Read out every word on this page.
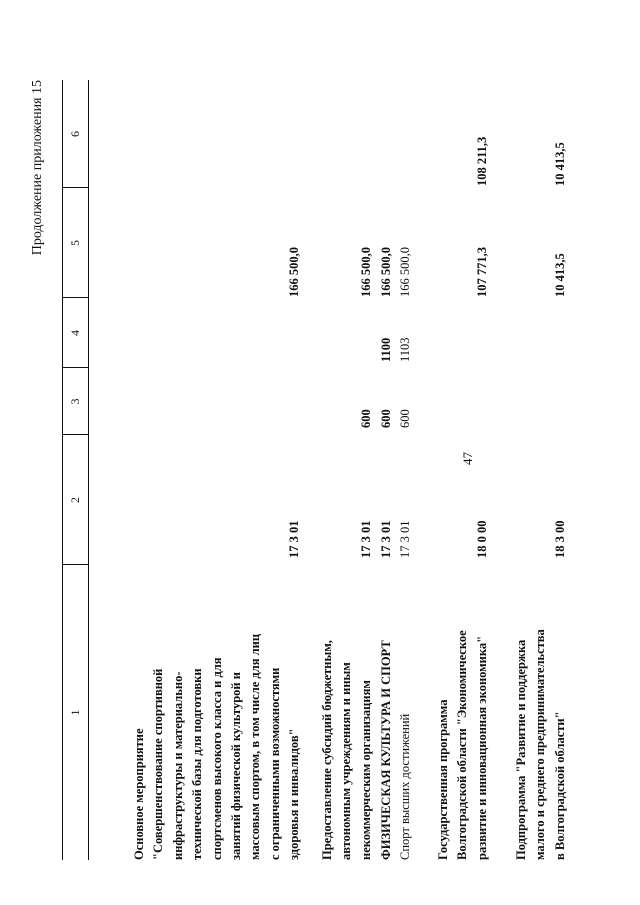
47
Продолжение приложения 15
1
2
3
4
5
6
Основное мероприятие "Совершенствование спортивной инфраструктуры и материально- технической базы для подготовки спортсменов высокого класса и для занятий физической культурой и массовым спортом, в том числе для лиц с ограниченными возможностями здоровья и инвалидов"
17 3 01
166 500,0
Предоставление субсидий бюджетным, автономным учреждениям и иным некоммерческим организациям
17 3 01
600
166 500,0
ФИЗИЧЕСКАЯ КУЛЬТУРА И СПОРТ
17 3 01
600
1100
166 500,0
Спорт высших достижений
17 3 01
600
1103
166 500,0
Государственная программа Волгоградской области "Экономическое развитие и инновационная экономика"
18 0 00
107 771,3
108 211,3
Подпрограмма "Развитие и поддержка малого и среднего предпринимательства в Волгоградской области"
18 3 00
10 413,5
10 413,5
